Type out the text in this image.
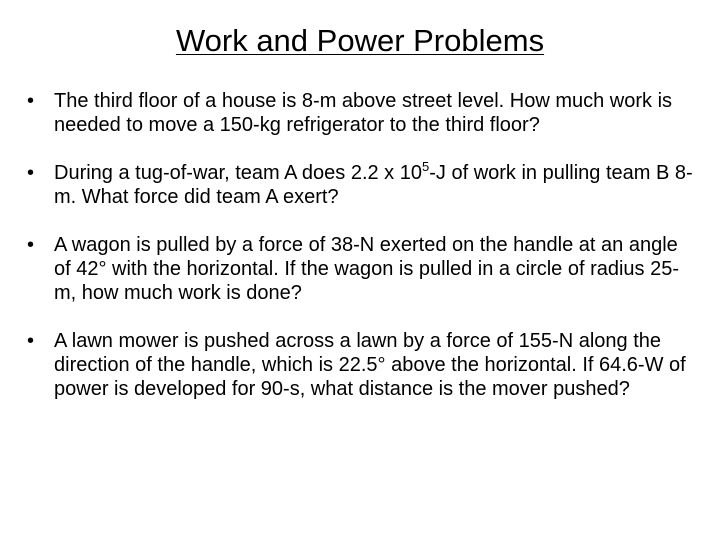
Work and Power Problems
• The third floor of a house is 8-m above street level. How much work is needed to move a 150-kg refrigerator to the third floor?
• During a tug-of-war, team A does 2.2 x $10^5-J$ of work in pulling team B 8-m. What force did team A exert?
• A wagon is pulled by a force of 38-N exerted on the handle at an angle of 42° with the horizontal. If the wagon is pulled in a circle of radius 25-m, how much work is done?
• A lawn mower is pushed across a lawn by a force of 155-N along the direction of the handle, which is 22.5° above the horizontal. If 64.6-W of power is developed for 90-s, what distance is the mover pushed?
